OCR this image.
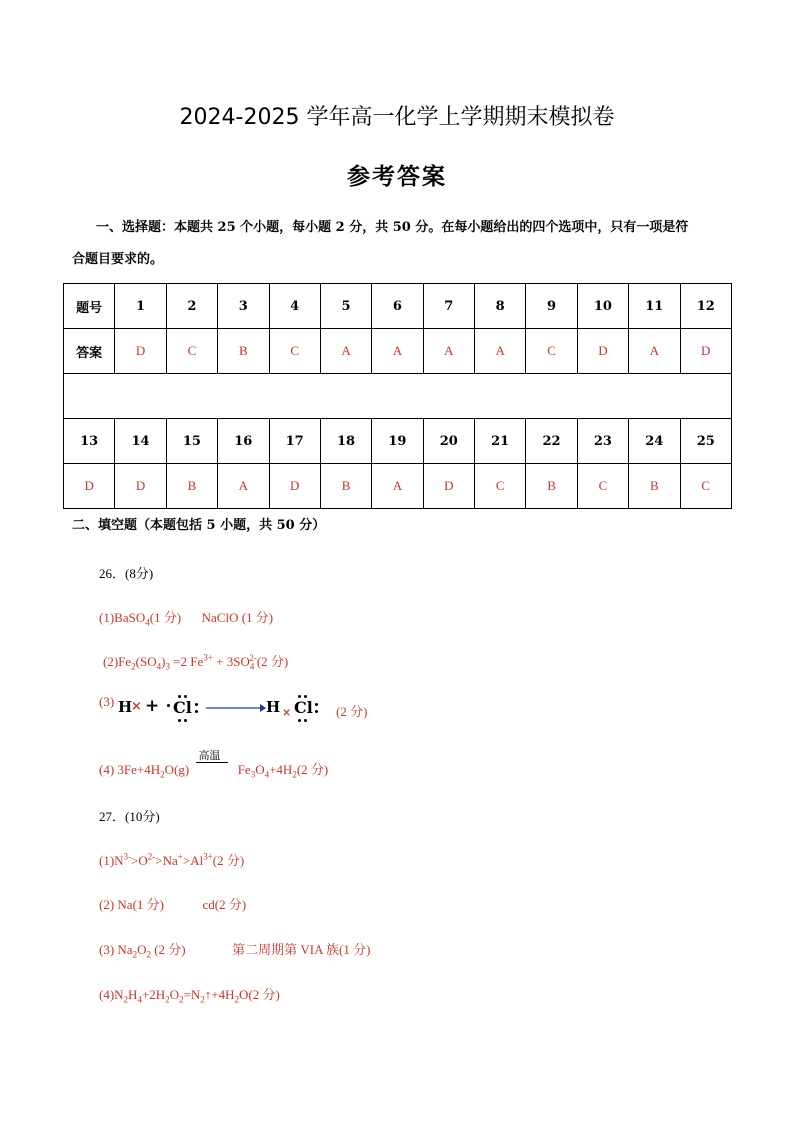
2024-2025 学年高一化学上学期期末模拟卷
参考答案
一、选择题：本题共 25 个小题，每小题 2 分，共 50 分。在每小题给出的四个选项中，只有一项是符
合题目要求的。
题号	1	2	3	4	5	6	7	8	9	10	11	12
答案	D	C	B	C	A	A	A	A	C	D	A	D

13	14	15	16	17	18	19	20	21	22	23	24	25
D	D	B	A	D	B	A	D	C	B	C	B	C
二、填空题（本题包括 5 小题，共 50 分）
26．(8分)
(1)BaSO$_4$(1 分) NaClO (1 分)
$(2)Fe_2(SO_4)_3 =2$ $Fe^{3+} + 3SO_4^{2-}(2$ 分)
(3) H
× + Cl → H × Cl (2 分)
(4) $3Fe+4H_2O(g)$
高温
$Fe_3O_4+4H_2(2$ 分)
27．(10分)
$(1)N^{3-}>O^{2-}>Na^+>Al^{3+}(2$ 分)
(2) Na(1 分)	cd(2 分)
(3) $Na_2O_2$ (2 分)	第二周期第 VIA 族(1 分)
$(4)N_2H_4+2H_2O_2=N_2↑+4H_2O(2$ 分)
